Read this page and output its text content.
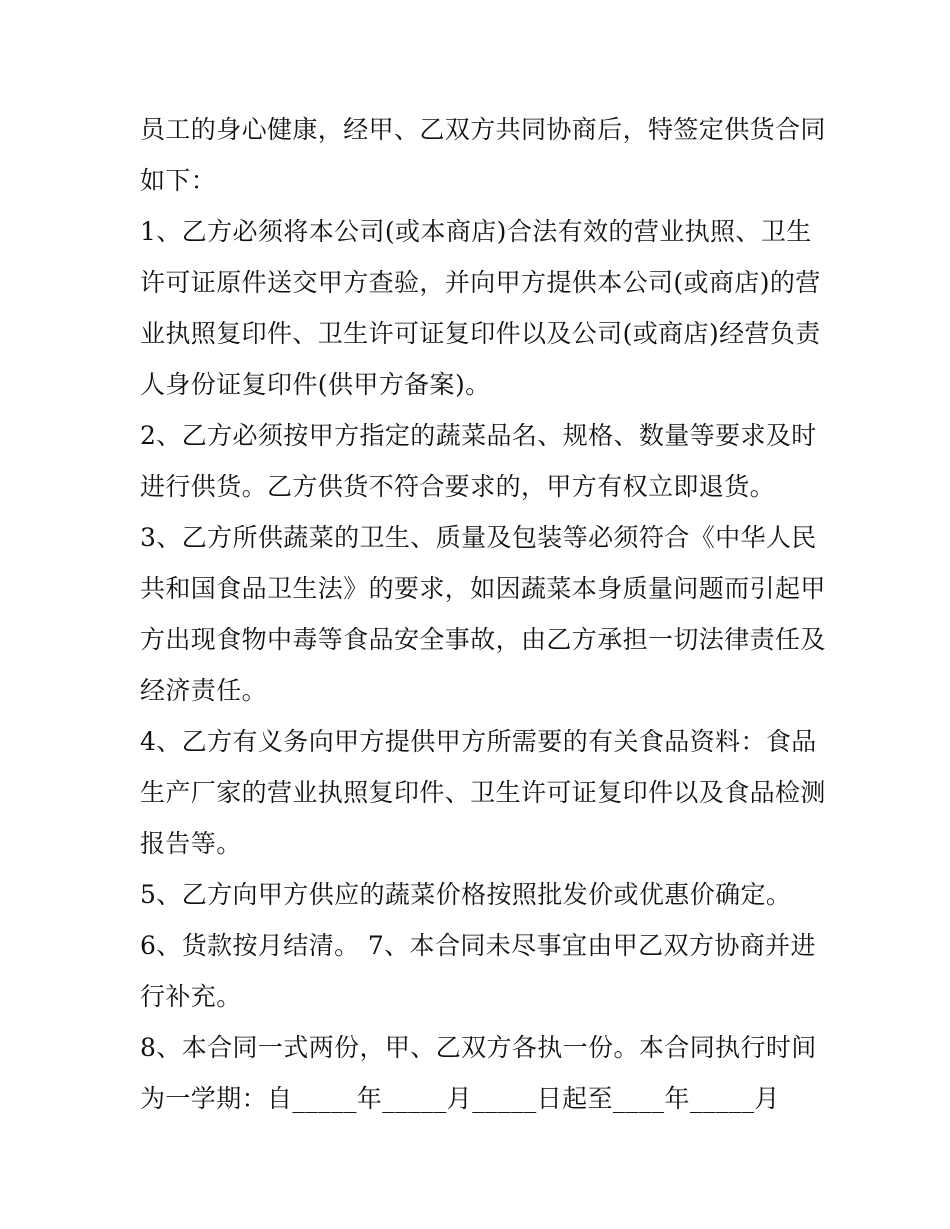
员工的身心健康，经甲、乙双方共同协商后，特签定供货合同
如下：
1、乙方必须将本公司(或本商店)合法有效的营业执照、卫生
许可证原件送交甲方查验，并向甲方提供本公司(或商店)的营
业执照复印件、卫生许可证复印件以及公司(或商店)经营负责
人身份证复印件(供甲方备案)。
2、乙方必须按甲方指定的蔬菜品名、规格、数量等要求及时
进行供货。乙方供货不符合要求的，甲方有权立即退货。
3、乙方所供蔬菜的卫生、质量及包装等必须符合《中华人民
共和国食品卫生法》的要求，如因蔬菜本身质量问题而引起甲
方出现食物中毒等食品安全事故，由乙方承担一切法律责任及
经济责任。
4、乙方有义务向甲方提供甲方所需要的有关食品资料：食品
生产厂家的营业执照复印件、卫生许可证复印件以及食品检测
报告等。
5、乙方向甲方供应的蔬菜价格按照批发价或优惠价确定。
6、货款按月结清。 7、本合同未尽事宜由甲乙双方协商并进
行补充。
8、本合同一式两份，甲、乙双方各执一份。本合同执行时间
为一学期：自_____年_____月_____日起至____年_____月
